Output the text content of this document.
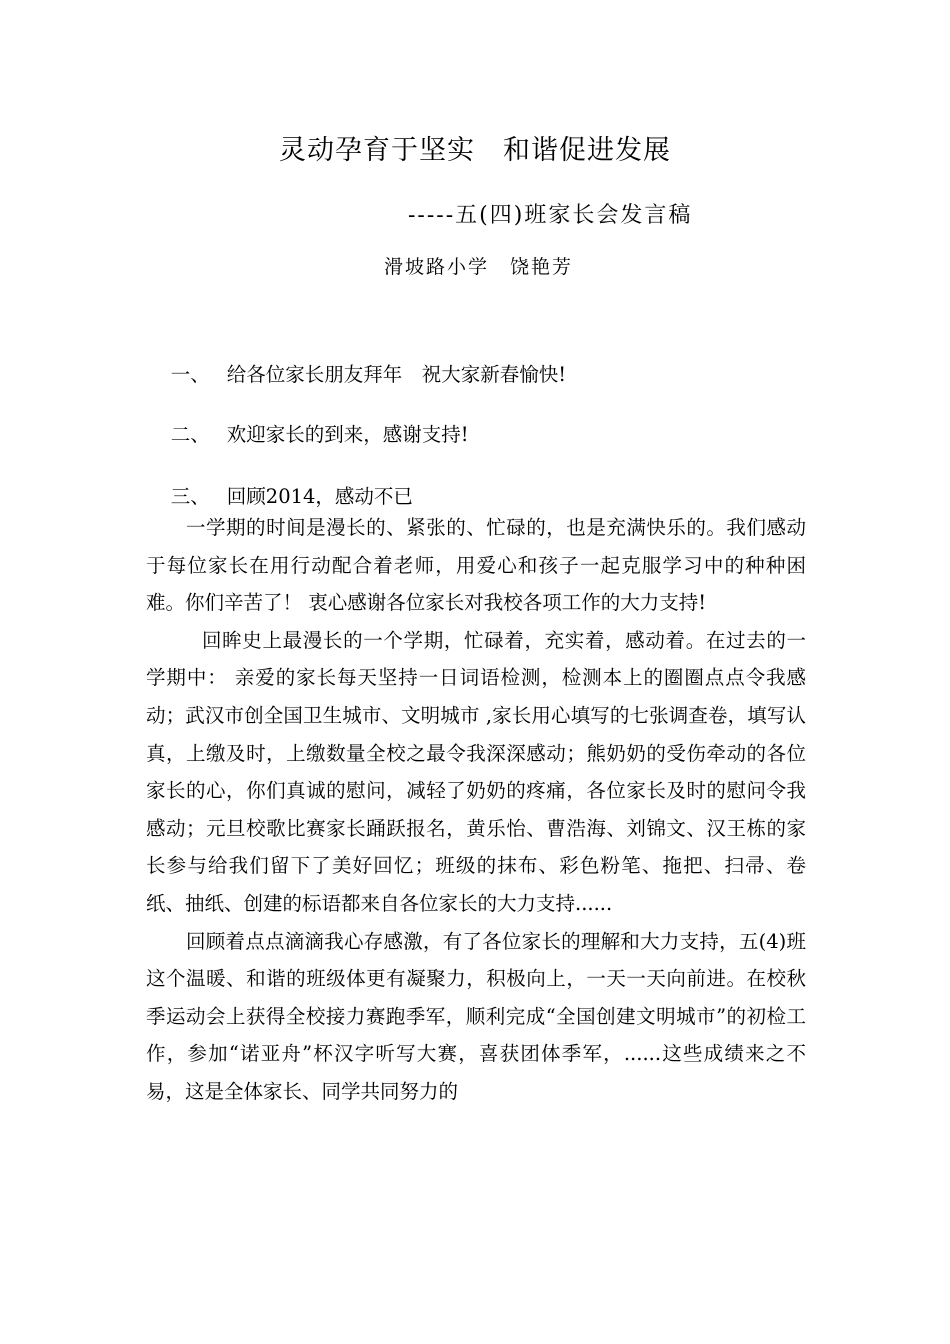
灵动孕育于坚实　和谐促进发展
-----五(四)班家长会发言稿
滑坡路小学　饶艳芳

一、 给各位家长朋友拜年　祝大家新春愉快!

二、 欢迎家长的到来，感谢支持!

三、 回顾2014，感动不已

一学期的时间是漫长的、紧张的、忙碌的，也是充满快乐的。我们感动于每位家长在用行动配合着老师，用爱心和孩子一起克服学习中的种种困难。你们辛苦了！ 衷心感谢各位家长对我校各项工作的大力支持!

回眸史上最漫长的一个学期，忙碌着，充实着，感动着。在过去的一学期中： 亲爱的家长每天坚持一日词语检测，检测本上的圈圈点点令我感动；武汉市创全国卫生城市、文明城市 ,家长用心填写的七张调查卷，填写认真，上缴及时，上缴数量全校之最令我深深感动；熊奶奶的受伤牵动的各位家长的心，你们真诚的慰问，减轻了奶奶的疼痛，各位家长及时的慰问令我感动；元旦校歌比赛家长踊跃报名，黄乐怡、曹浩海、刘锦文、汉王栋的家长参与给我们留下了美好回忆；班级的抹布、彩色粉笔、拖把、扫帚、卷纸、抽纸、创建的标语都来自各位家长的大力支持......

回顾着点点滴滴我心存感激，有了各位家长的理解和大力支持，五(4)班这个温暖、和谐的班级体更有凝聚力，积极向上，一天一天向前进。在校秋季运动会上获得全校接力赛跑季军，顺利完成“全国创建文明城市”的初检工作，参加“诺亚舟”杯汉字听写大赛，喜获团体季军，......这些成绩来之不易，这是全体家长、同学共同努力的
